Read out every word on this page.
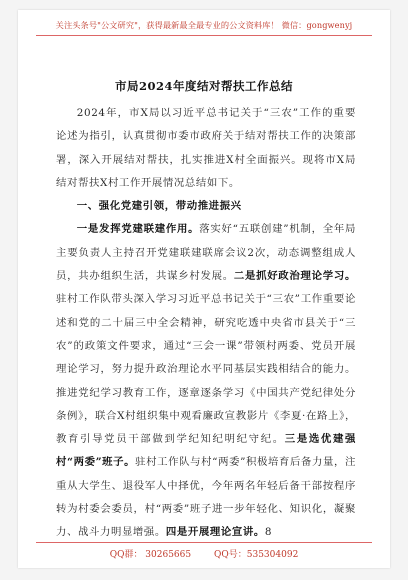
关注头条号"公文研究"，获得最新最全最专业的公文资料库！ 微信：gongwenyj
市局2024年度结对帮扶工作总结

2024年，市X局以习近平总书记关于“三农”工作的重要论述为指引，认真贯彻市委市政府关于结对帮扶工作的决策部署，深入开展结对帮扶，扎实推进X村全面振兴。现将市X局结对帮扶X村工作开展情况总结如下。

一、强化党建引领，带动推进振兴

一是发挥党建联建作用。落实好“五联创建”机制，全年局主要负责人主持召开党建联建联席会议2次，动态调整组成人员，共办组织生活，共谋乡村发展。二是抓好政治理论学习。驻村工作队带头深入学习习近平总书记关于“三农”工作重要论述和党的二十届三中全会精神，研究吃透中央省市县关于“三农”的政策文件要求，通过“三会一课”带领村两委、党员开展理论学习，努力提升政治理论水平同基层实践相结合的能力。推进党纪学习教育工作，逐章逐条学习《中国共产党纪律处分条例》，联合X村组织集中观看廉政宣教影片《李夏·在路上》，教育引导党员干部做到学纪知纪明纪守纪。三是选优建强村“两委”班子。驻村工作队与村“两委”积极培育后备力量，注重从大学生、退役军人中择优，今年两名年轻后备干部按程序转为村委会委员，村“两委”班子进一步年轻化、知识化，凝聚力、战斗力明显增强。四是开展理论宣讲。8

QQ群： 30265665        QQ号：535304092
